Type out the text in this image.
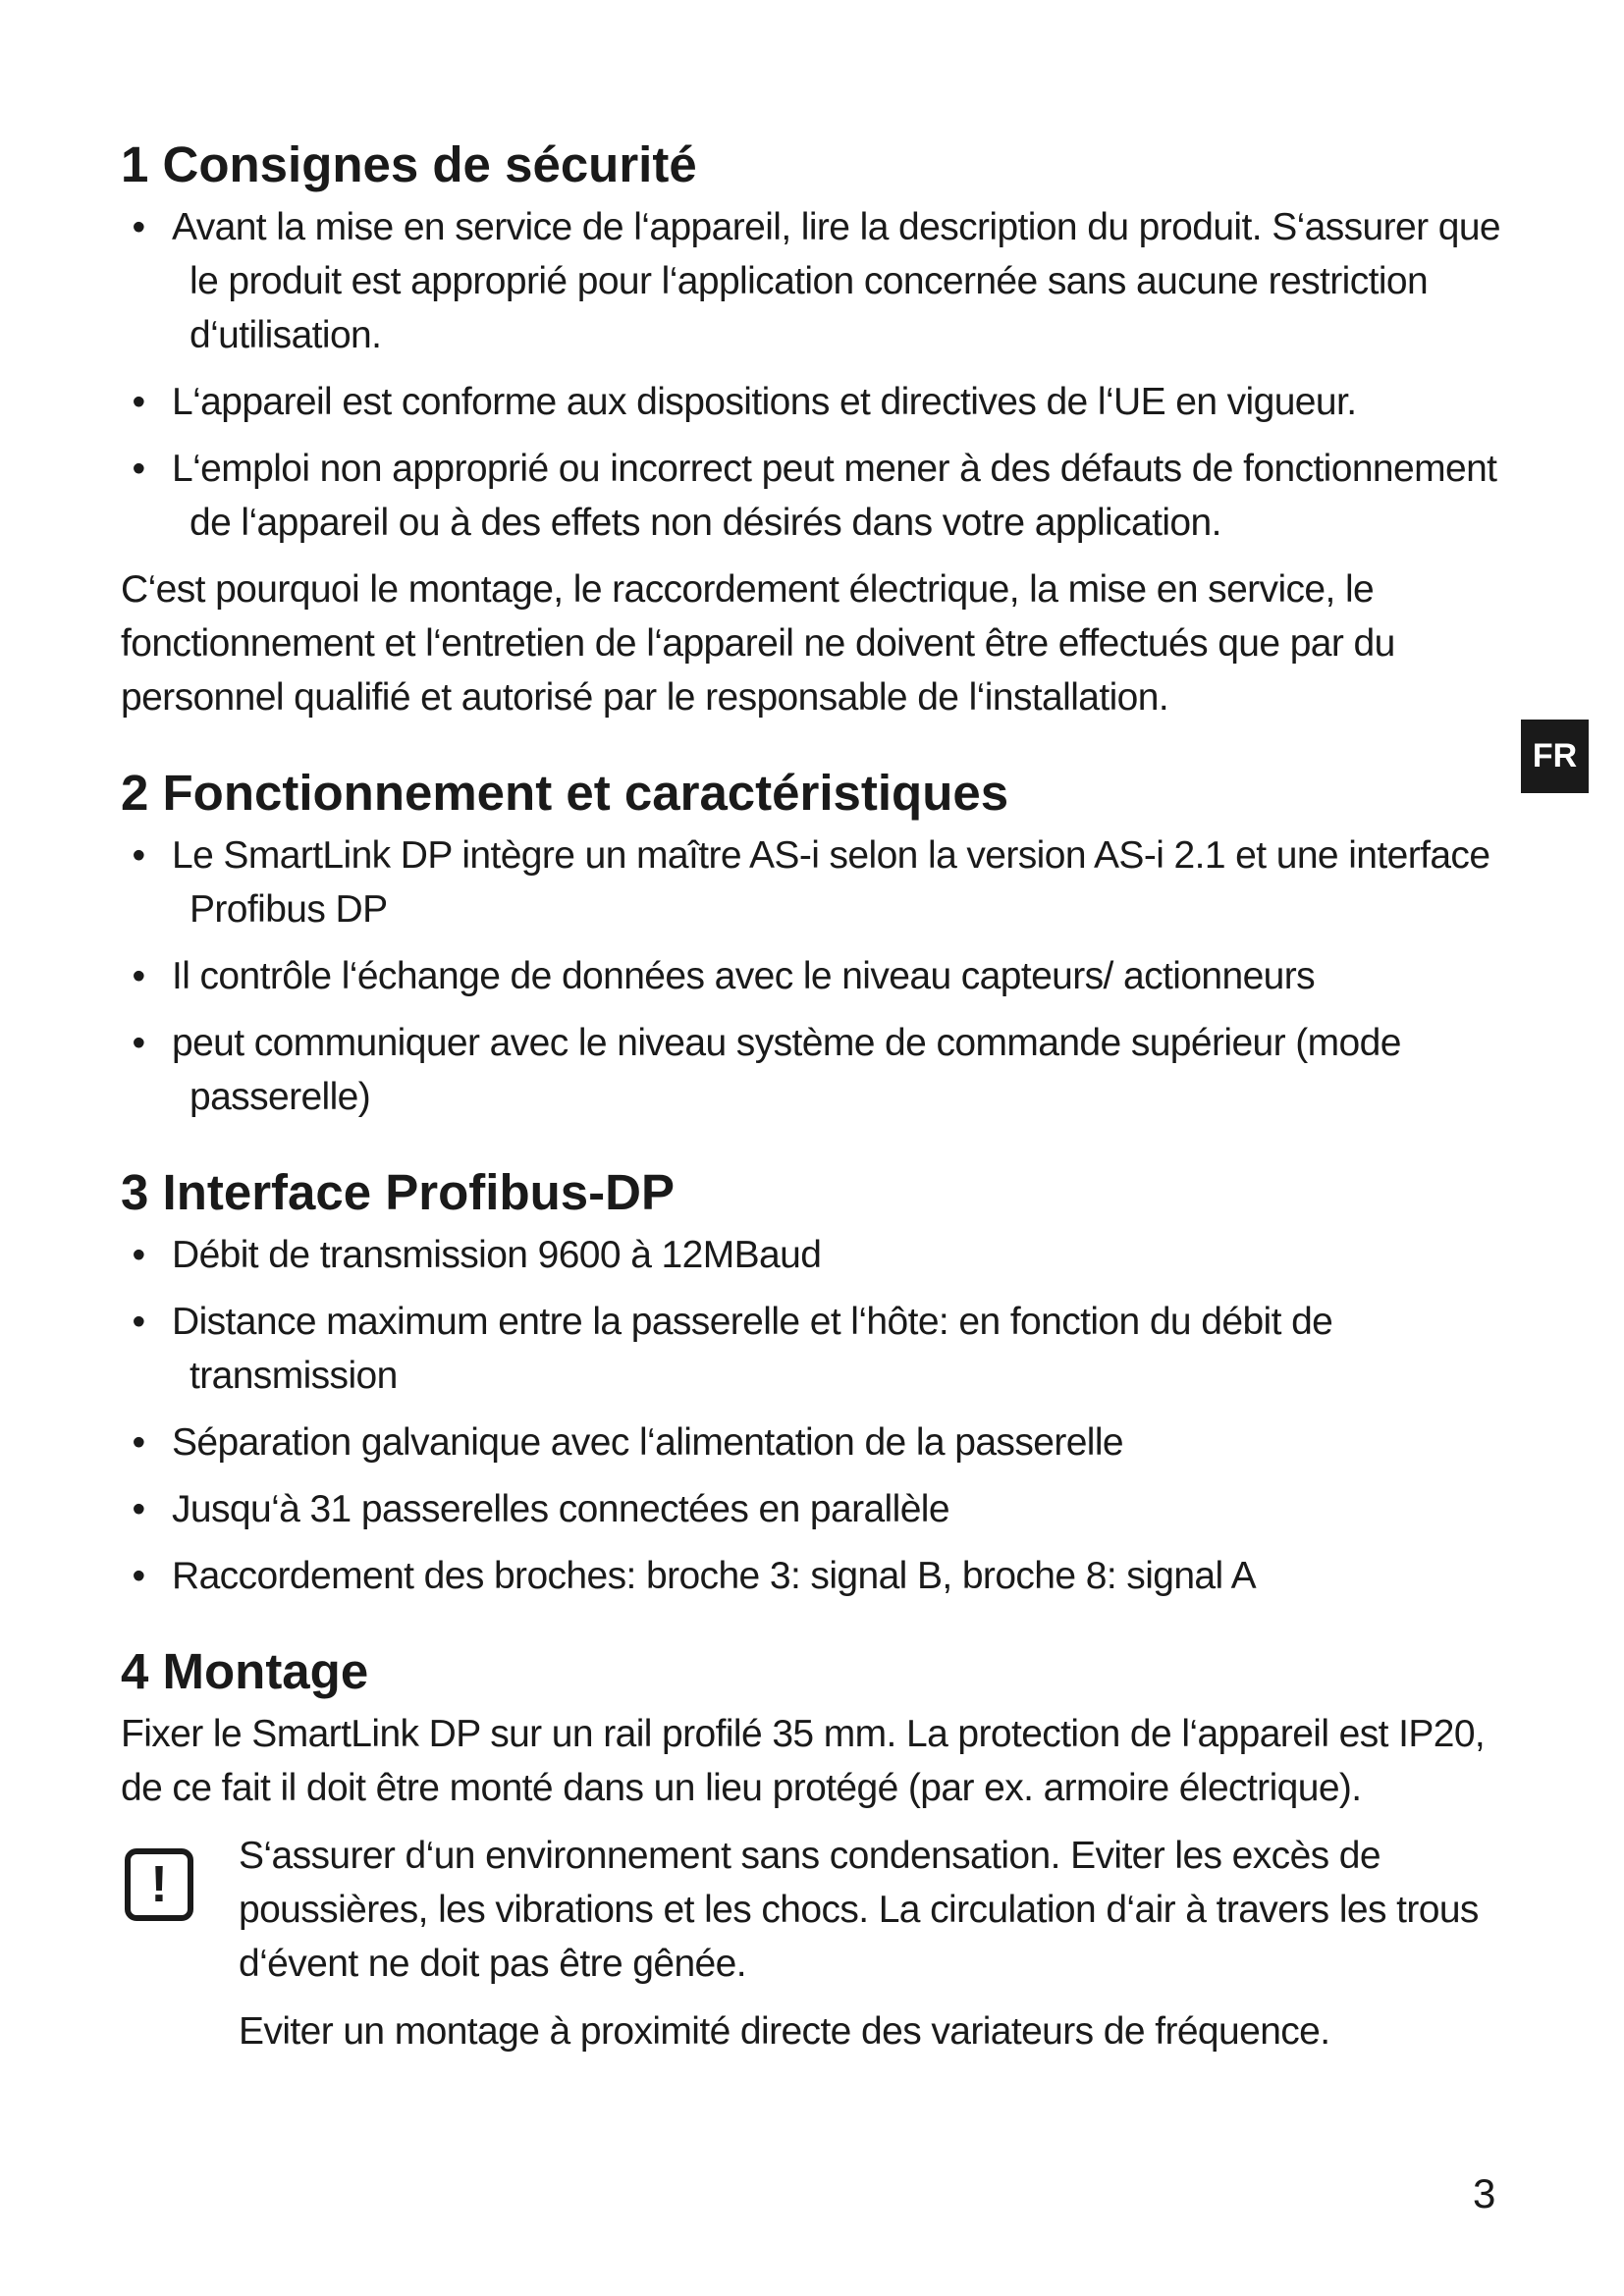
1 Consignes de sécurité
• Avant la mise en service de l‘appareil, lire la description du produit. S‘assurer que le produit est approprié pour l‘application concernée sans aucune restriction d‘utilisation.
• L‘appareil est conforme aux dispositions et directives de l‘UE en vigueur.
• L‘emploi non approprié ou incorrect peut mener à des défauts de fonctionnement de l‘appareil ou à des effets non désirés dans votre application.

C‘est pourquoi le montage, le raccordement électrique, la mise en service, le fonctionnement et l‘entretien de l‘appareil ne doivent être effectués que par du personnel qualifié et autorisé par le responsable de l‘installation.

2 Fonctionnement et caractéristiques
• Le SmartLink DP intègre un maître AS-i selon la version AS-i 2.1 et une interface Profibus DP
• Il contrôle l‘échange de données avec le niveau capteurs/ actionneurs
• peut communiquer avec le niveau système de commande supérieur (mode passerelle)
3 Interface Profibus-DP
• Débit de transmission 9600 à 12MBaud
• Distance maximum entre la passerelle et l‘hôte: en fonction du débit de transmission
• Séparation galvanique avec l‘alimentation de la passerelle
• Jusqu‘à 31 passerelles connectées en parallèle
• Raccordement des broches: broche 3: signal B, broche 8: signal A
4 Montage

Fixer le SmartLink DP sur un rail profilé 35 mm. La protection de l‘appareil est IP20, de ce fait il doit être monté dans un lieu protégé (par ex. armoire électrique).

!

S‘assurer d‘un environnement sans condensation. Eviter les excès de poussières, les vibrations et les chocs. La circulation d‘air à travers les trous d‘évent ne doit pas être gênée.

Eviter un montage à proximité directe des variateurs de fréquence.

FR
3
